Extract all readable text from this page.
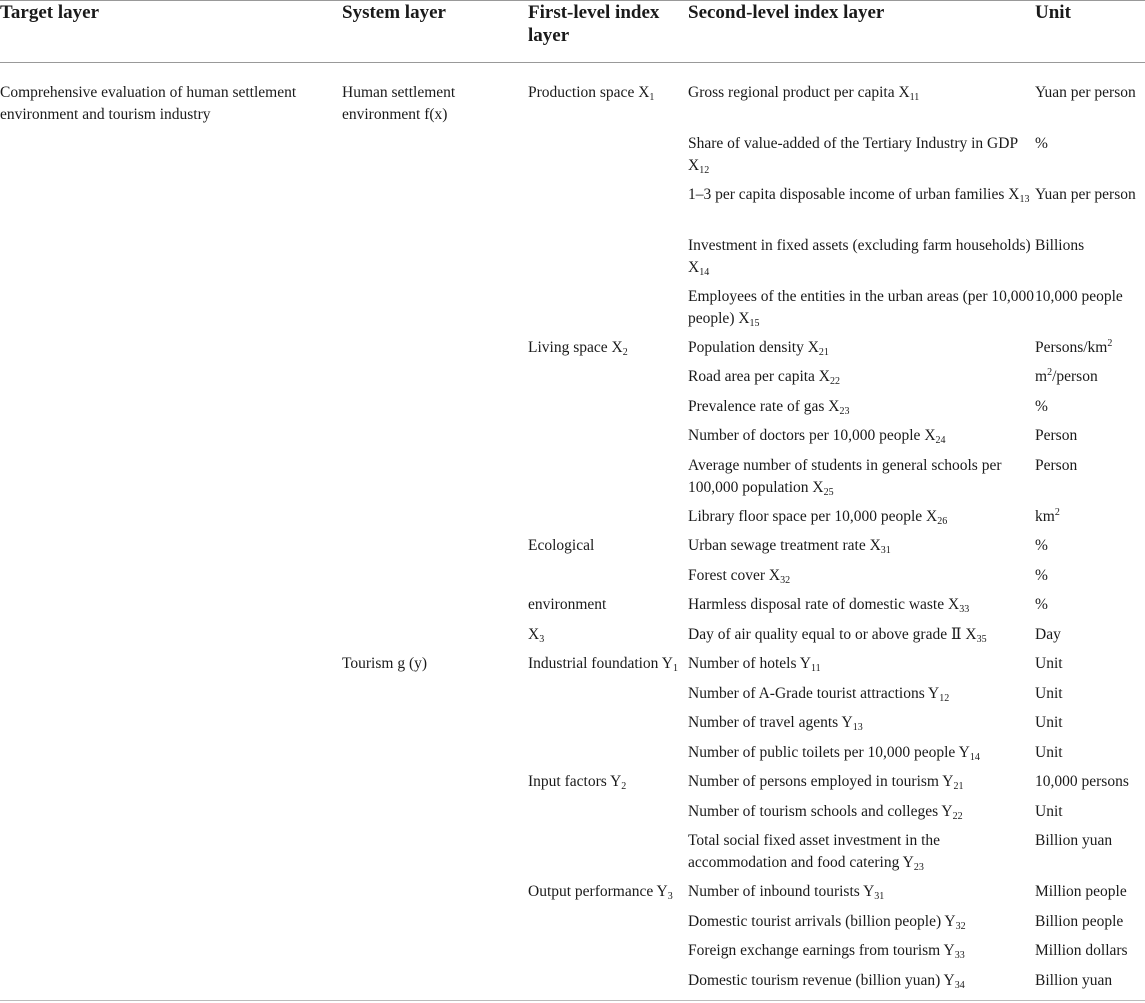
Target layer	System layer	First-level index layer	Second-level index layer	Unit

Comprehensive evaluation of human settlement environment and tourism industry	Human settlement environment f(x)	Production space $X_1$	Gross regional product per capita $X_{11}$	Yuan per person
			Share of value-added of the Tertiary Industry in GDP $X_{12}$	%
			1–3 per capita disposable income of urban families $X_{13}$	Yuan per person
			Investment in fixed assets (excluding farm households) $X_{14}$	Billions
			Employees of the entities in the urban areas (per 10,000 people) $X_{15}$	10,000 people
		Living space $X_2$	Population density $X_{21}$	Persons/$km^2$
			Road area per capita $X_{22}$	$m^2$/person
			Prevalence rate of gas $X_{23}$	%
			Number of doctors per 10,000 people $X_{24}$	Person
			Average number of students in general schools per 100,000 population $X_{25}$	Person
			Library floor space per 10,000 people $X_{26}$	$km^2$
		Ecological	Urban sewage treatment rate $X_{31}$	%
			Forest cover $X_{32}$	%
		environment	Harmless disposal rate of domestic waste $X_{33}$	%
		$X_3$	Day of air quality equal to or above grade Ⅱ $X_{35}$	Day
	Tourism g (y)	Industrial foundation $Y_1$	Number of hotels $Y_{11}$	Unit
			Number of A-Grade tourist attractions $Y_{12}$	Unit
			Number of travel agents $Y_{13}$	Unit
			Number of public toilets per 10,000 people $Y_{14}$	Unit
		Input factors $Y_2$	Number of persons employed in tourism $Y_{21}$	10,000 persons
			Number of tourism schools and colleges $Y_{22}$	Unit
			Total social fixed asset investment in the accommodation and food catering $Y_{23}$	Billion yuan
		Output performance $Y_3$	Number of inbound tourists $Y_{31}$	Million people
			Domestic tourist arrivals (billion people) $Y_{32}$	Billion people
			Foreign exchange earnings from tourism $Y_{33}$	Million dollars
			Domestic tourism revenue (billion yuan) $Y_{34}$	Billion yuan
